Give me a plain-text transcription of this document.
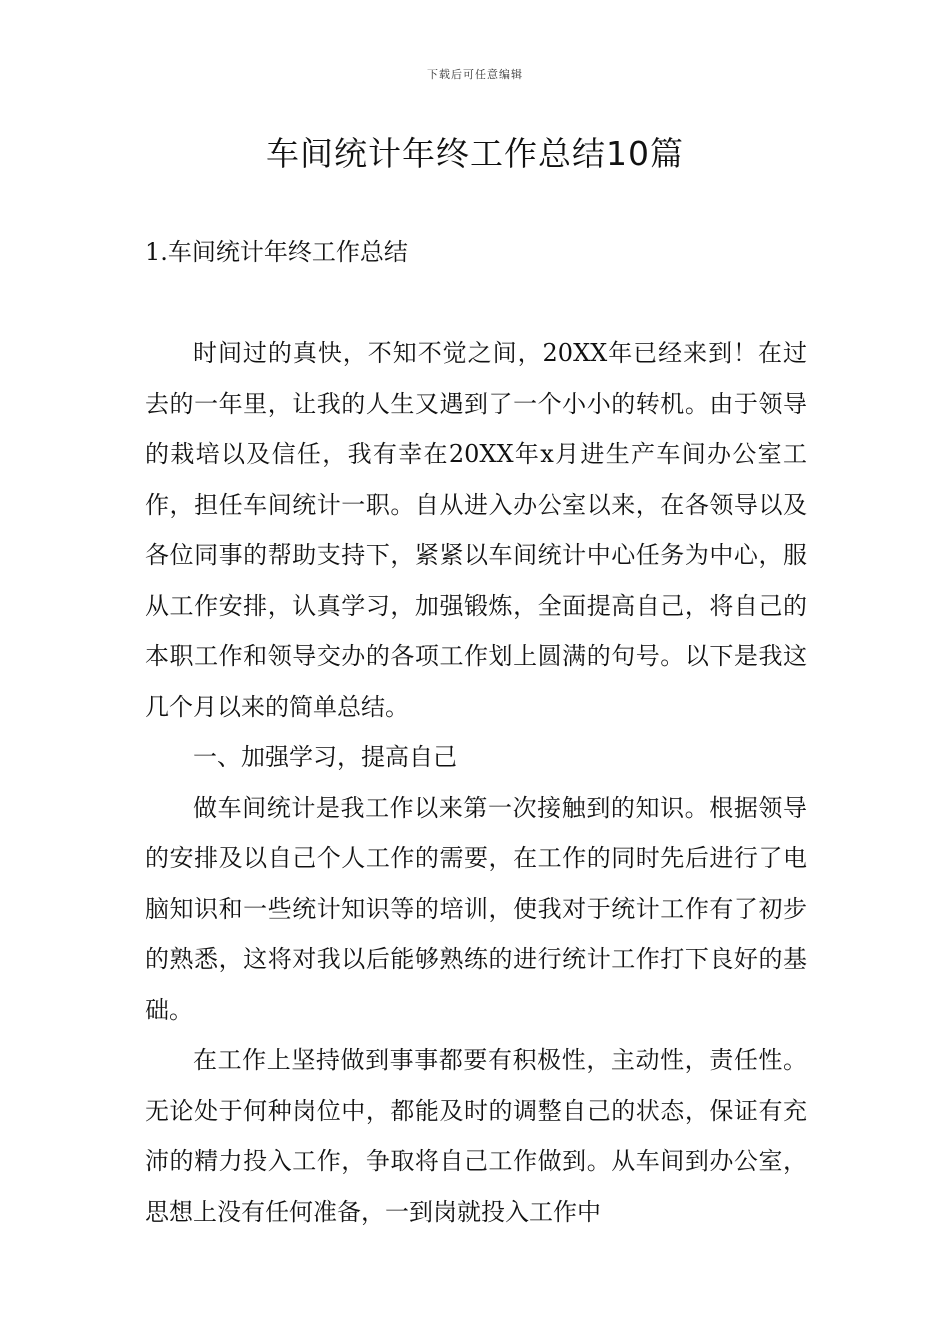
下载后可任意编辑
车间统计年终工作总结10篇
1.车间统计年终工作总结

时间过的真快，不知不觉之间，20XX年已经来到！在过去的一年里，让我的人生又遇到了一个小小的转机。由于领导的栽培以及信任，我有幸在20XX年x月进生产车间办公室工作，担任车间统计一职。自从进入办公室以来，在各领导以及各位同事的帮助支持下，紧紧以车间统计中心任务为中心，服从工作安排，认真学习，加强锻炼，全面提高自己，将自己的本职工作和领导交办的各项工作划上圆满的句号。以下是我这几个月以来的简单总结。

一、加强学习，提高自己

做车间统计是我工作以来第一次接触到的知识。根据领导的安排及以自己个人工作的需要，在工作的同时先后进行了电脑知识和一些统计知识等的培训，使我对于统计工作有了初步的熟悉，这将对我以后能够熟练的进行统计工作打下良好的基础。

在工作上坚持做到事事都要有积极性，主动性，责任性。无论处于何种岗位中，都能及时的调整自己的状态，保证有充沛的精力投入工作，争取将自己工作做到。从车间到办公室，思想上没有任何准备，一到岗就投入工作中
